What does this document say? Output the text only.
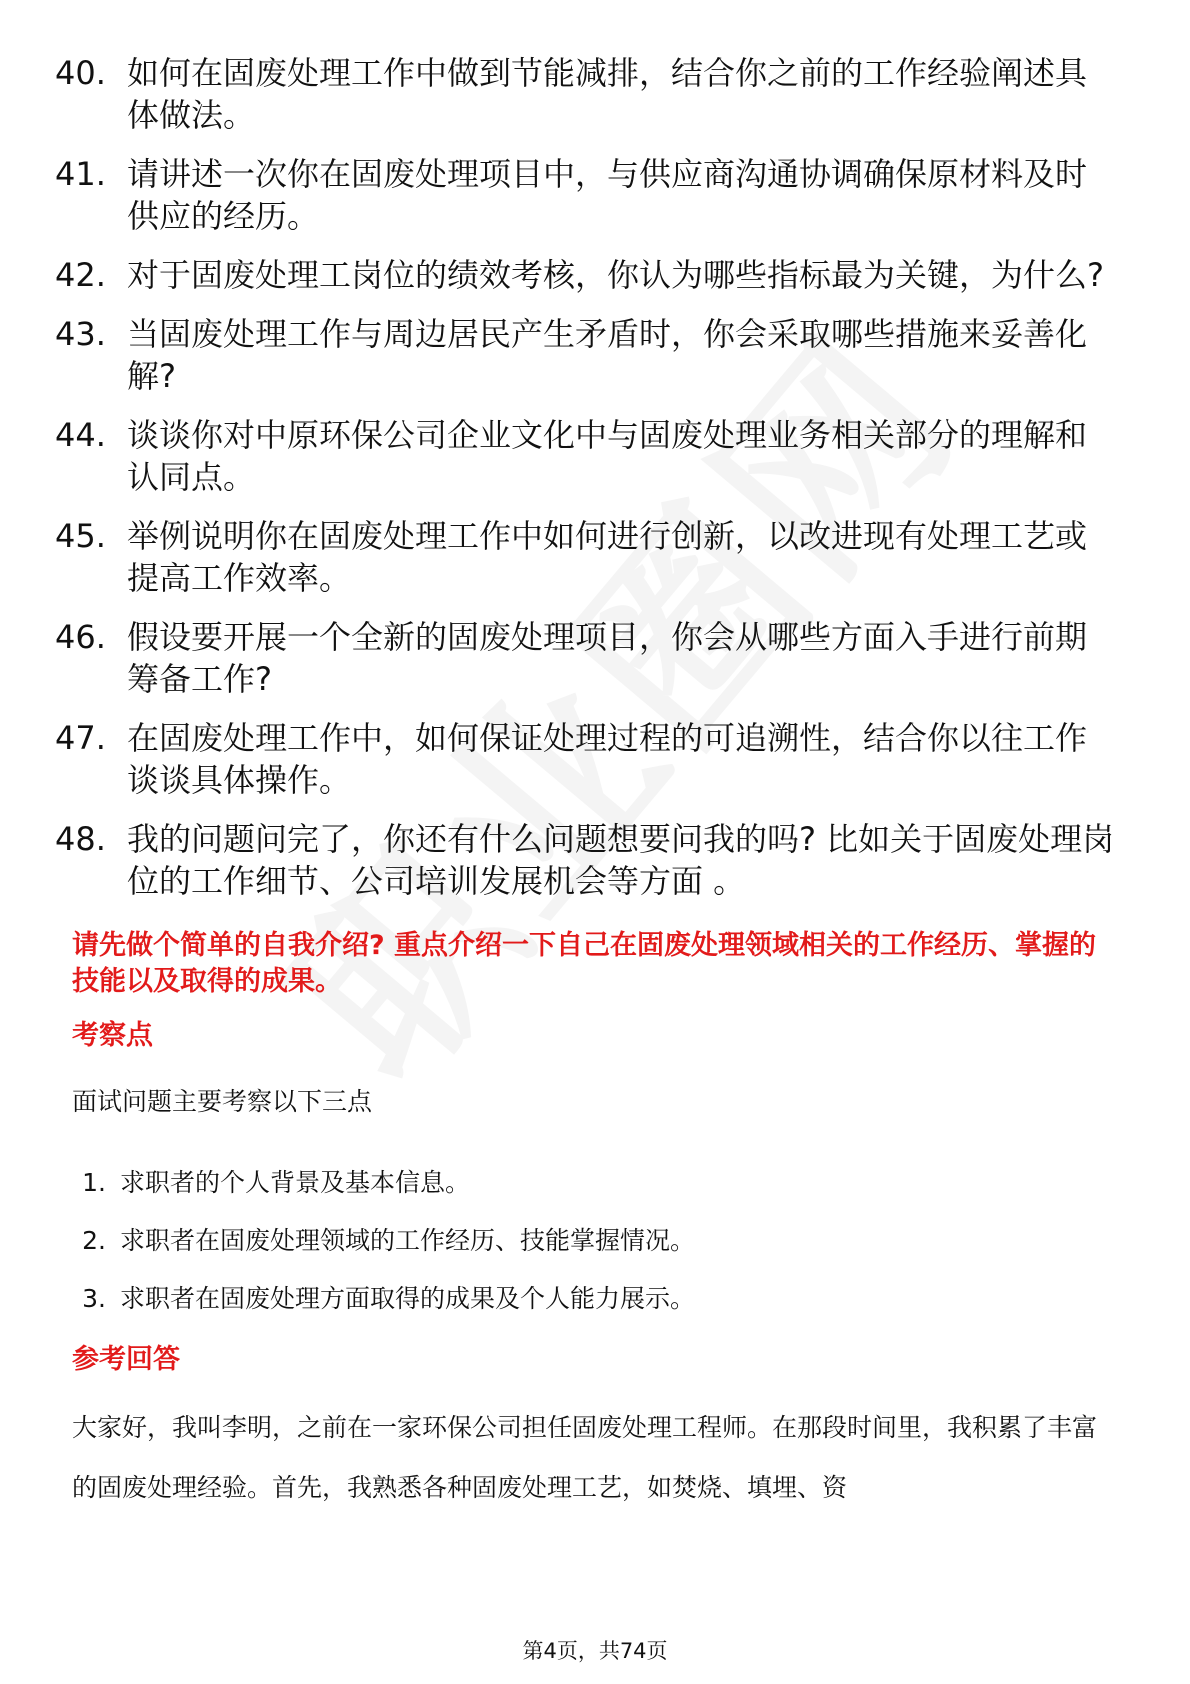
40. 如何在固废处理工作中做到节能减排，结合你之前的工作经验阐述具体做法。
41. 请讲述一次你在固废处理项目中，与供应商沟通协调确保原材料及时供应的经历。
42. 对于固废处理工岗位的绩效考核，你认为哪些指标最为关键，为什么?
43. 当固废处理工作与周边居民产生矛盾时，你会采取哪些措施来妥善化解?
44. 谈谈你对中原环保公司企业文化中与固废处理业务相关部分的理解和认同点。
45. 举例说明你在固废处理工作中如何进行创新，以改进现有处理工艺或提高工作效率。
46. 假设要开展一个全新的固废处理项目，你会从哪些方面入手进行前期筹备工作?
47. 在固废处理工作中，如何保证处理过程的可追溯性，结合你以往工作谈谈具体操作。
48. 我的问题问完了，你还有什么问题想要问我的吗? 比如关于固废处理岗位的工作细节、公司培训发展机会等方面 。
请先做个简单的自我介绍? 重点介绍一下自己在固废处理领域相关的工作经历、掌握的技能以及取得的成果。
考察点
面试问题主要考察以下三点
1. 求职者的个人背景及基本信息。
2. 求职者在固废处理领域的工作经历、技能掌握情况。
3. 求职者在固废处理方面取得的成果及个人能力展示。
参考回答
大家好，我叫李明，之前在一家环保公司担任固废处理工程师。在那段时间里，我积累了丰富的固废处理经验。首先，我熟悉各种固废处理工艺，如焚烧、填埋、资
第4页，共74页
